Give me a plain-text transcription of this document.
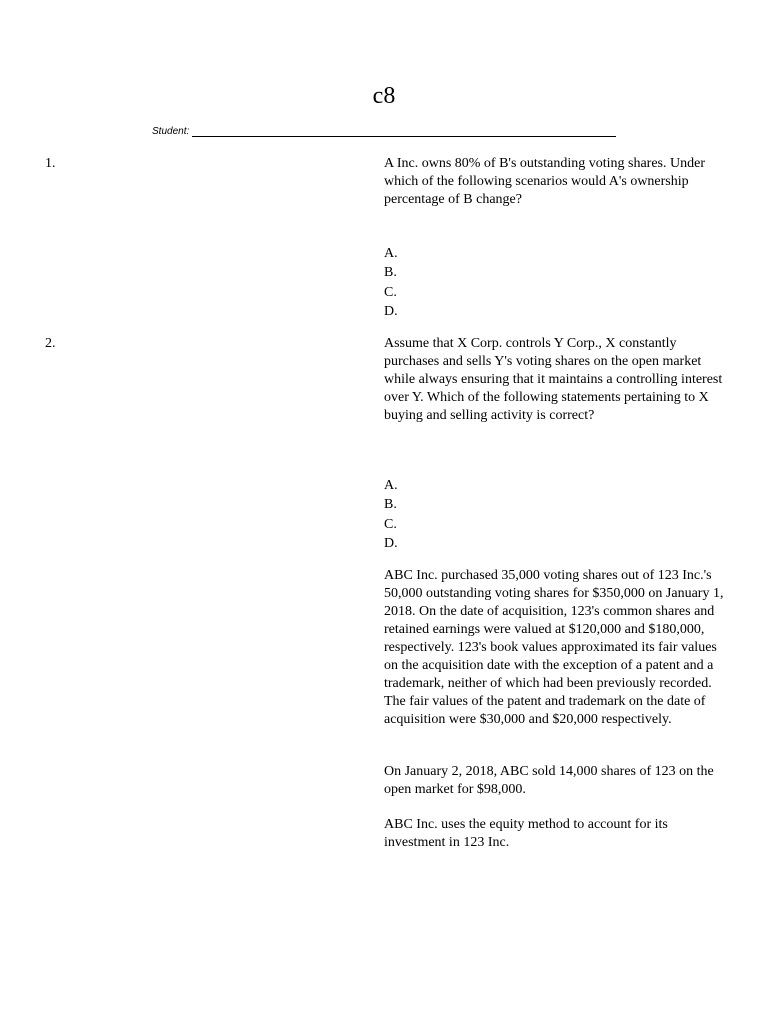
c8
Student:
1.	A Inc. owns 80% of B's outstanding voting shares. Under which of the following scenarios would A's ownership percentage of B change?
A.
B.
C.
D.
2.	Assume that X Corp. controls Y Corp., X constantly purchases and sells Y's voting shares on the open market while always ensuring that it maintains a controlling interest over Y. Which of the following statements pertaining to X buying and selling activity is correct?
A.
B.
C.
D.
ABC Inc. purchased 35,000 voting shares out of 123 Inc.'s 50,000 outstanding voting shares for $350,000 on January 1, 2018. On the date of acquisition, 123's common shares and retained earnings were valued at $120,000 and $180,000, respectively. 123's book values approximated its fair values on the acquisition date with the exception of a patent and a trademark, neither of which had been previously recorded. The fair values of the patent and trademark on the date of acquisition were $30,000 and $20,000 respectively.
On January 2, 2018, ABC sold 14,000 shares of 123 on the open market for $98,000.
ABC Inc. uses the equity method to account for its investment in 123 Inc.
